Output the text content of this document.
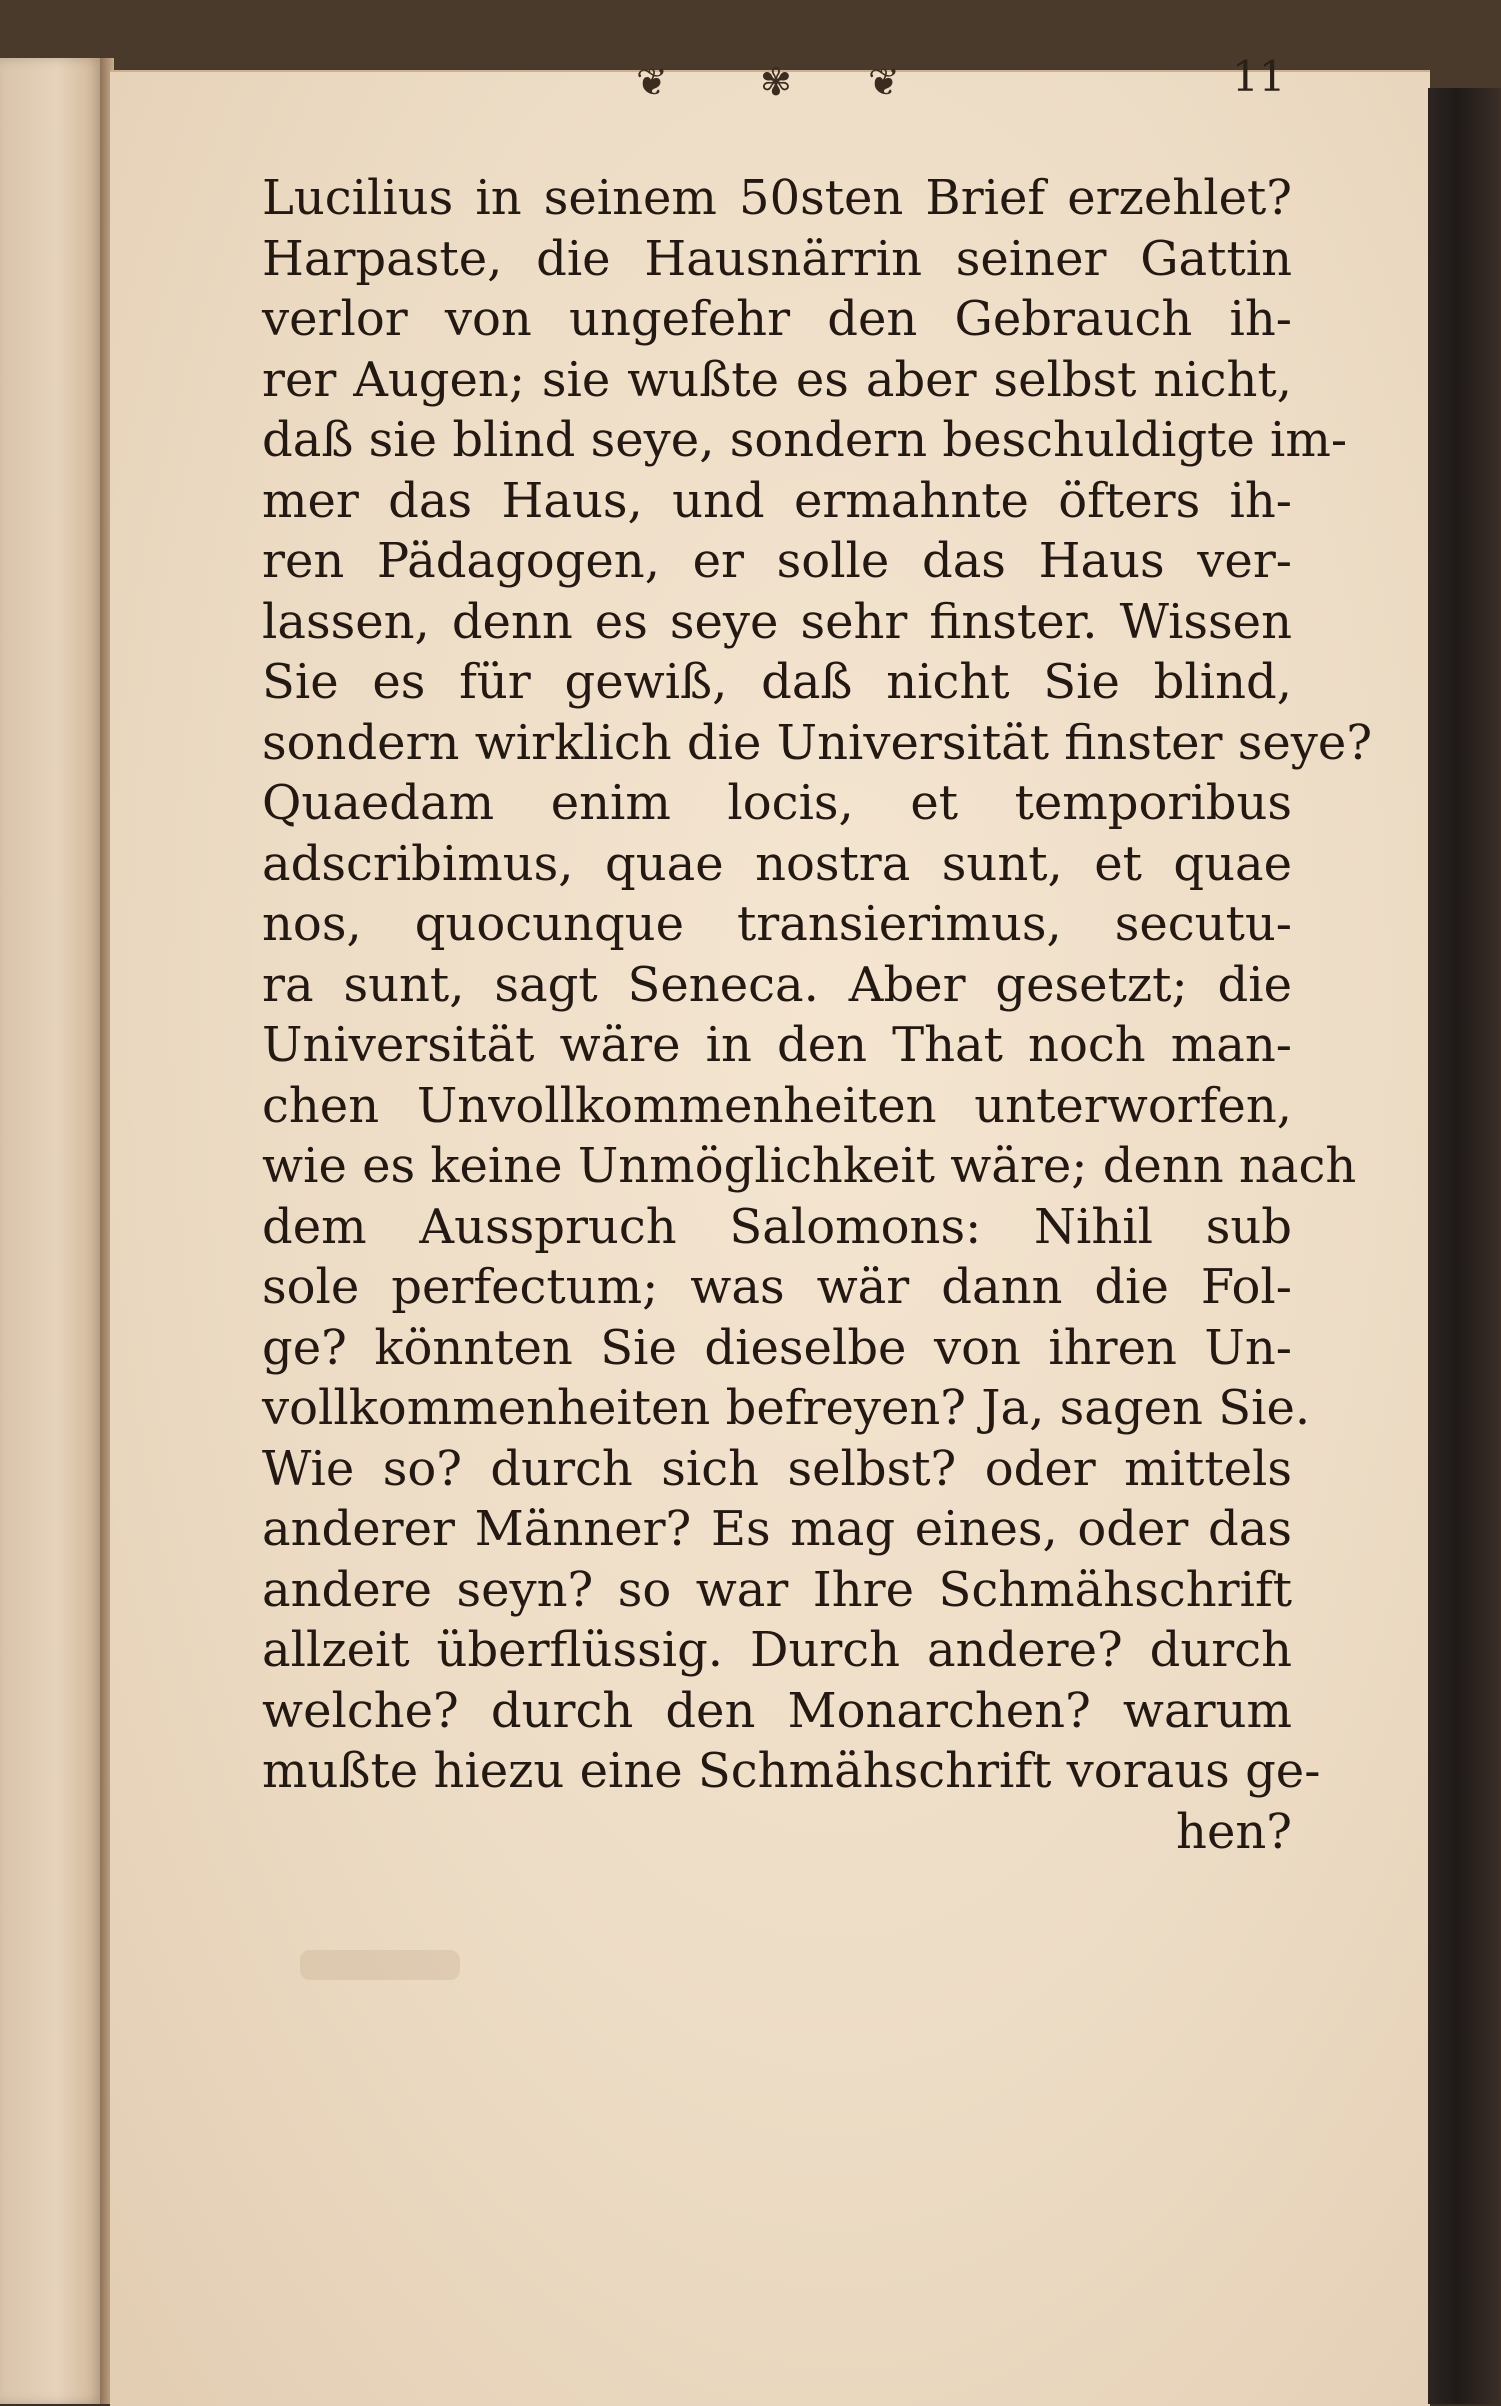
❦ ✾ ❦	11
Lucilius in seinem 50sten Brief erzehlet?
Harpaste, die Hausnärrin seiner Gattin
verlor von ungefehr den Gebrauch ih-
rer Augen; sie wußte es aber selbst nicht,
daß sie blind seye, sondern beschuldigte im-
mer das Haus, und ermahnte öfters ih-
ren Pädagogen, er solle das Haus ver-
lassen, denn es seye sehr finster. Wissen
Sie es für gewiß, daß nicht Sie blind,
sondern wirklich die Universität finster seye?
Quaedam enim locis, et temporibus
adscribimus, quae nostra sunt, et quae
nos, quocunque transierimus, secutu-
ra sunt, sagt Seneca. Aber gesetzt; die
Universität wäre in den That noch man-
chen Unvollkommenheiten unterworfen,
wie es keine Unmöglichkeit wäre; denn nach
dem Ausspruch Salomons: Nihil sub
sole perfectum; was wär dann die Fol-
ge? könnten Sie dieselbe von ihren Un-
vollkommenheiten befreyen? Ja, sagen Sie.
Wie so? durch sich selbst? oder mittels
anderer Männer? Es mag eines, oder das
andere seyn? so war Ihre Schmähschrift
allzeit überflüssig. Durch andere? durch
welche? durch den Monarchen? warum
mußte hiezu eine Schmähschrift voraus ge-
hen?
